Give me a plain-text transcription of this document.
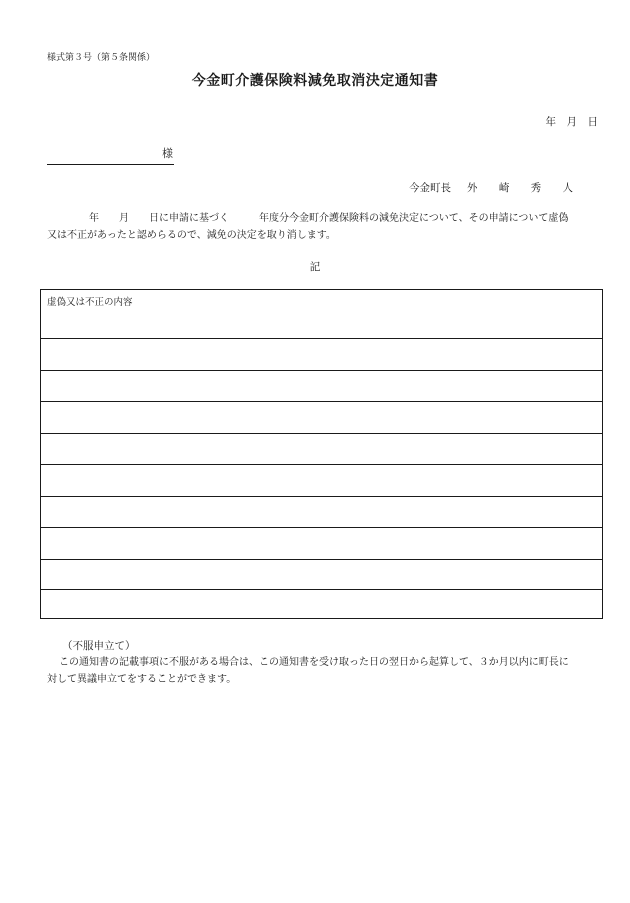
様式第３号（第５条関係）
今金町介護保険料減免取消決定通知書
年　月　日
様
今金町長 外 崎 秀 人
年　　月　　日に申請に基づく　　　年度分今金町介護保険料の減免決定について、その申請について虚偽
又は不正があったと認めらるので、減免の決定を取り消します。
記
虚偽又は不正の内容
（不服申立て）
この通知書の記載事項に不服がある場合は、この通知書を受け取った日の翌日から起算して、３か月以内に町長に
対して異議申立てをすることができます。
